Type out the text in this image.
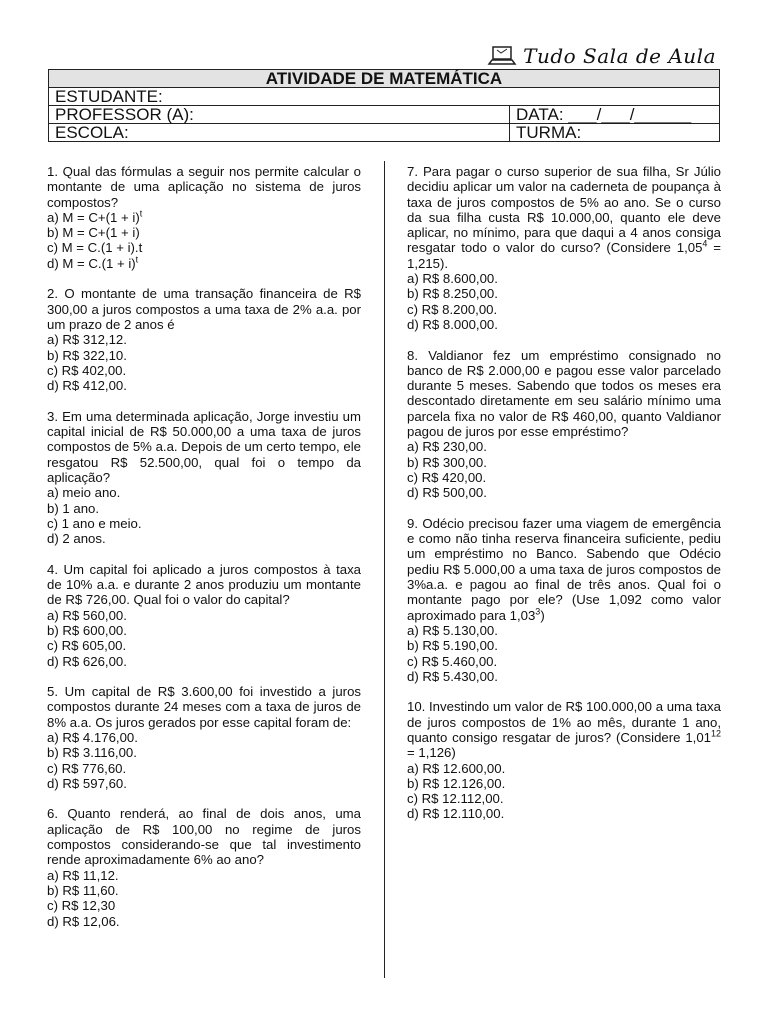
Tudo Sala de Aula
ATIVIDADE DE MATEMÁTICA	
ESTUDANTE:	
PROFESSOR (A):	DATA: ___/___/______
ESCOLA:	TURMA:

1. Qual das fórmulas a seguir nos permite calcular o montante de uma aplicação no sistema de juros compostos?

a) $M = C+(1 + i)^t$
b) M = C+(1 + i)
c) M = C.(1 + i).t
d) $M = C.(1 + i)^t$

2. O montante de uma transação financeira de R$ 300,00 a juros compostos a uma taxa de 2% a.a. por um prazo de 2 anos é

a) R$ 312,12.
b) R$ 322,10.
c) R$ 402,00.
d) R$ 412,00.

3. Em uma determinada aplicação, Jorge investiu um capital inicial de R$ 50.000,00 a uma taxa de juros compostos de 5% a.a. Depois de um certo tempo, ele resgatou R$ 52.500,00, qual foi o tempo da aplicação?

a) meio ano.
b) 1 ano.
c) 1 ano e meio.
d) 2 anos.

4. Um capital foi aplicado a juros compostos à taxa de 10% a.a. e durante 2 anos produziu um montante de R$ 726,00. Qual foi o valor do capital?

a) R$ 560,00.
b) R$ 600,00.
c) R$ 605,00.
d) R$ 626,00.

5. Um capital de R$ 3.600,00 foi investido a juros compostos durante 24 meses com a taxa de juros de 8% a.a. Os juros gerados por esse capital foram de:

a) R$ 4.176,00.
b) R$ 3.116,00.
c) R$ 776,60.
d) R$ 597,60.

6. Quanto renderá, ao final de dois anos, uma aplicação de R$ 100,00 no regime de juros compostos considerando-se que tal investimento rende aproximadamente 6% ao ano?

a) R$ 11,12.
b) R$ 11,60.
c) R$ 12,30
d) R$ 12,06.

7. Para pagar o curso superior de sua filha, Sr Júlio decidiu aplicar um valor na caderneta de poupança à taxa de juros compostos de 5% ao ano. Se o curso da sua filha custa R$ 10.000,00, quanto ele deve aplicar, no mínimo, para que daqui a 4 anos consiga resgatar todo o valor do curso? (Considere $1,05^4 = 1,215$).

a) R$ 8.600,00.
b) R$ 8.250,00.
c) R$ 8.200,00.
d) R$ 8.000,00.

8. Valdianor fez um empréstimo consignado no banco de R$ 2.000,00 e pagou esse valor parcelado durante 5 meses. Sabendo que todos os meses era descontado diretamente em seu salário mínimo uma parcela fixa no valor de R$ 460,00, quanto Valdianor pagou de juros por esse empréstimo?

a) R$ 230,00.
b) R$ 300,00.
c) R$ 420,00.
d) R$ 500,00.

9. Odécio precisou fazer uma viagem de emergência e como não tinha reserva financeira suficiente, pediu um empréstimo no Banco. Sabendo que Odécio pediu R$ 5.000,00 a uma taxa de juros compostos de 3%a.a. e pagou ao final de três anos. Qual foi o montante pago por ele? (Use 1,092 como valor aproximado para 1,03$^3$)

a) R$ 5.130,00.
b) R$ 5.190,00.
c) R$ 5.460,00.
d) R$ 5.430,00.

10. Investindo um valor de R$ 100.000,00 a uma taxa de juros compostos de 1% ao mês, durante 1 ano, quanto consigo resgatar de juros? (Considere $1,01^{12} = 1,126$)

a) R$ 12.600,00.
b) R$ 12.126,00.
c) R$ 12.112,00.
d) R$ 12.110,00.
